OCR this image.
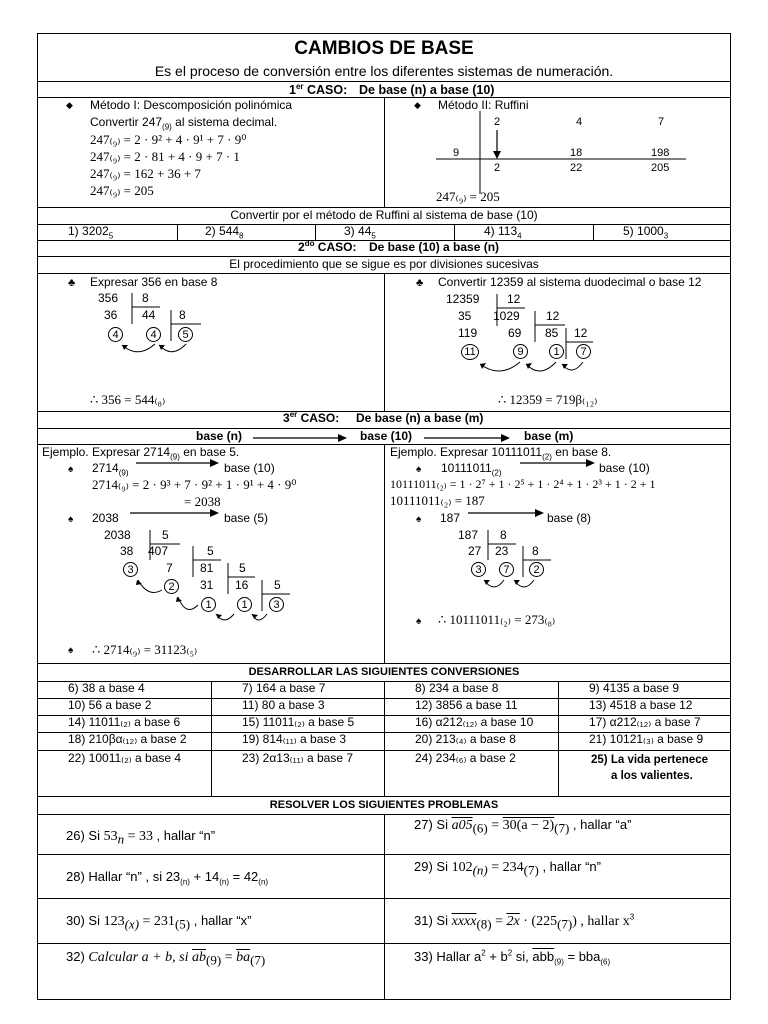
CAMBIOS DE BASE
Es el proceso de conversión entre los diferentes sistemas de numeración.
1er CASO: De base (n) a base (10)
◆ Método I: Descomposición polinómica
Convertir $247_{(9)}$ al sistema decimal.
247₍₉₎ = 2 · 9² + 4 · 9¹ + 7 · 9⁰
247₍₉₎ = 2 · 81 + 4 · 9 + 7 · 1
247₍₉₎ = 162 + 36 + 7
247₍₉₎ = 205
◆ Método II: Ruffini
2	4	7
9	18	198
2	22	205
247₍₉₎ = 205
Convertir por el método de Ruffini al sistema de base (10)
1) $3202_5$	2) $544_8$	3) $44_5$	4) $113_4$	5) $1000_3$
$2^{do}$ CASO: De base (10) a base (n)
El procedimiento que se sigue es por divisiones sucesivas
♣ Expresar 356 en base 8
356 8
36 44 8
4	4	5
∴ 356 = 544₍₈₎
♣ Convertir 12359 al sistema duodecimal o base 12
12359 12
35 1029 12
119	69 85 12
11	9	1	7
∴ 12359 = 719β₍₁₂₎
3er CASO: De base (n) a base (m)
base (n)	base (10)	base (m)
Ejemplo. Expresar $2714_{(9)}$ en base 5.
♠ $2714_{(9)}$	base (10)
2714₍₉₎ = 2 · 9³ + 7 · 9² + 1 · 9¹ + 4 · 9⁰
= 2038
♠ 2038	base (5)
2038	5
38 407	5
3	7 81 5
2	31 16 5
1	1	3
♠ ∴ 2714₍₉₎ = 31123₍₅₎
Ejemplo. Expresar $10111011_{(2)}$ en base 8.
♠ $10111011_{(2)}$	base (10)
10111011₍₂₎ = 1 · 2⁷ + 1 · 2⁵ + 1 · 2⁴ + 1 · 2³ + 1 · 2 + 1
10111011₍₂₎ = 187
♠ 187	base (8)
187 8
27 23 8
3	7	2
♠ ∴ 10111011₍₂₎ = 273₍₈₎
DESARROLLAR LAS SIGUIENTES CONVERSIONES
6) 38 a base 4	7) 164 a base 7	8) 234 a base 8	9) 4135 a base 9
10) 56 a base 2	11) 80 a base 3	12) 3856 a base 11	13) 4518 a base 12
14) 11011₍₂₎ a base 6	15) 11011₍₂₎ a base 5	16) α212₍₁₂₎ a base 10	17) α212₍₁₂₎ a base 7
18) 210βα₍₁₂₎ a base 2	19) 814₍₁₁₎ a base 3	20) 213₍₄₎ a base 8	21) 10121₍₃₎ a base 9
22) 10011₍₂₎ a base 4	23) 2α13₍₁₁₎ a base 7	24) 234₍₆₎ a base 2	25) La vida pertenece
a los valientes.
RESOLVER LOS SIGUIENTES PROBLEMAS
26) Si $53_n = 33$ , hallar “n”
27) Si $a05_{(6)} = 30(a - 2)_{(7)}$ , hallar “a”
28) Hallar “n” , si $23_{(n)} + 14_{(n)} = 42_{(n)}$
29) Si $102_{(n)} = 234_{(7)}$ , hallar “n”
30) Si $123_{(x)} = 231_{(5)}$ , hallar “x”	31) Si xxxx$_{(8)}$ = $2x \cdot (225_{(7)})$ , hallar $x^3$
32) Calcular a + b, si $\overline{ab}_{(9)} = \overline{ba}_{(7)}$	33) Hallar $a^2 + b^2$ si, $\overline{abb}_{(9)} = bba_{(6)}$
